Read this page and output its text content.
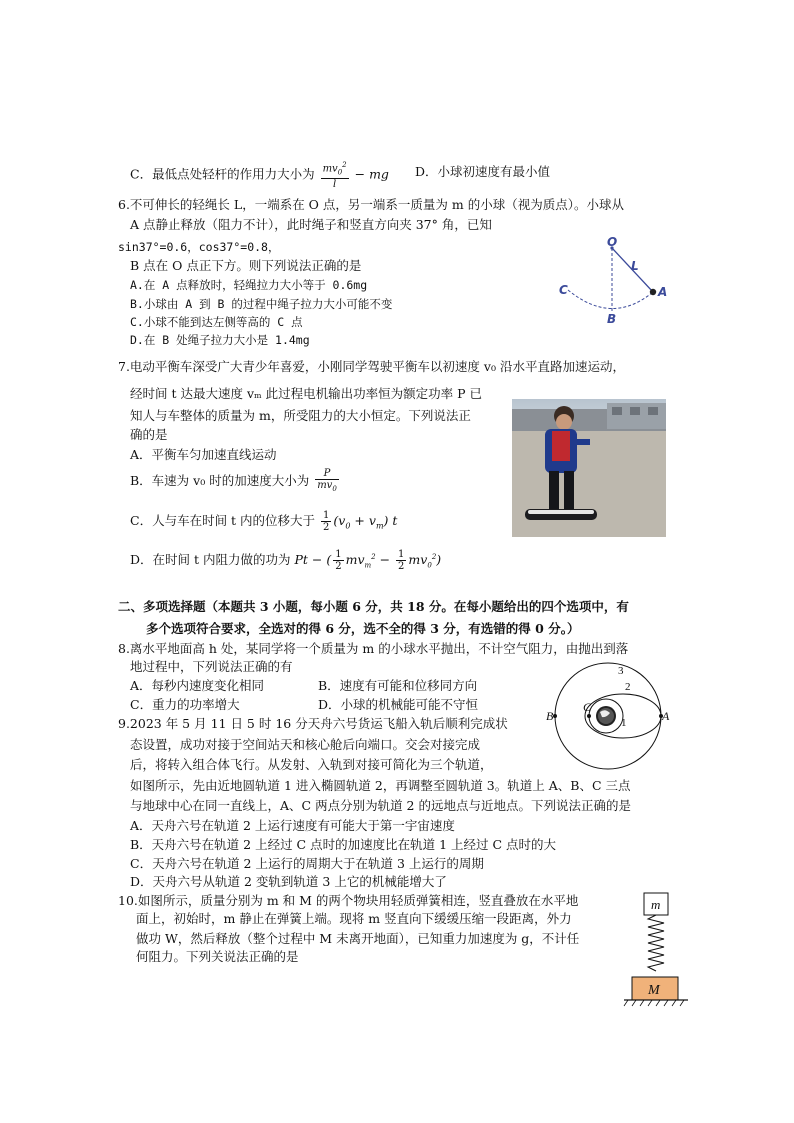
C．最低点处轻杆的作用力大小为 $\frac{mv_0^2}{l}$ − mg D．小球初速度有最小值
6.不可伸长的轻绳长 L，一端系在 O 点，另一端系一质量为 m 的小球（视为质点）。小球从
A 点静止释放（阻力不计），此时绳子和竖直方向夹 37° 角，已知
sin37°=0.6，cos37°=0.8，
B 点在 O 点正下方。则下列说法正确的是
A.在 A 点释放时，轻绳拉力大小等于 0.6mg
B.小球由 A 到 B 的过程中绳子拉力大小可能不变
C.小球不能到达左侧等高的 C 点
D.在 B 处绳子拉力大小是 1.4mg
O
L
A
B
C
7.电动平衡车深受广大青少年喜爱，小刚同学驾驶平衡车以初速度 v₀ 沿水平直路加速运动，
经时间 t 达最大速度 vₘ 此过程电机输出功率恒为额定功率 P 已
知人与车整体的质量为 m，所受阻力的大小恒定。下列说法正
确的是
A．平衡车匀加速直线运动
B．车速为 v₀ 时的加速度大小为 $\frac{P}{mv_0}$
C．人与车在时间 t 内的位移大于 $\frac{1}{2} (v_0 + v_m)$ t
D．在时间 t 内阻力做的功为 Pt − ( $\frac{1}{2} mv_m^2 - \frac{1}{2} mv_0^2$)
二、多项选择题（本题共 3 小题，每小题 6 分，共 18 分。在每小题给出的四个选项中，有
多个选项符合要求，全选对的得 6 分，选不全的得 3 分，有选错的得 0 分。）
8.离水平地面高 h 处，某同学将一个质量为 m 的小球水平抛出，不计空气阻力，由抛出到落
地过程中，下列说法正确的有
A．每秒内速度变化相同	B．速度有可能和位移同方向
C．重力的功率增大	D．小球的机械能可能不守恒
9.2023 年 5 月 11 日 5 时 16 分天舟六号货运飞船入轨后顺利完成状
态设置，成功对接于空间站天和核心舱后向端口。交会对接完成
后，将转入组合体飞行。从发射、入轨到对接可简化为三个轨道，
如图所示，先由近地圆轨道 1 进入椭圆轨道 2，再调整至圆轨道 3。轨道上 A、B、C 三点
与地球中心在同一直线上，A、C 两点分别为轨道 2 的远地点与近地点。下列说法正确的是
A．天舟六号在轨道 2 上运行速度有可能大于第一宇宙速度
B．天舟六号在轨道 2 上经过 C 点时的加速度比在轨道 1 上经过 C 点时的大
C．天舟六号在轨道 2 上运行的周期大于在轨道 3 上运行的周期
D．天舟六号从轨道 2 变轨到轨道 3 上它的机械能增大了
A
B
C
1
2
3
10.如图所示，质量分别为 m 和 M 的两个物块用轻质弹簧相连，竖直叠放在水平地
面上，初始时，m 静止在弹簧上端。现将 m 竖直向下缓缓压缩一段距离，外力
做功 W，然后释放（整个过程中 M 未离开地面），已知重力加速度为 g，不计任
何阻力。下列关说法正确的是
m
M
